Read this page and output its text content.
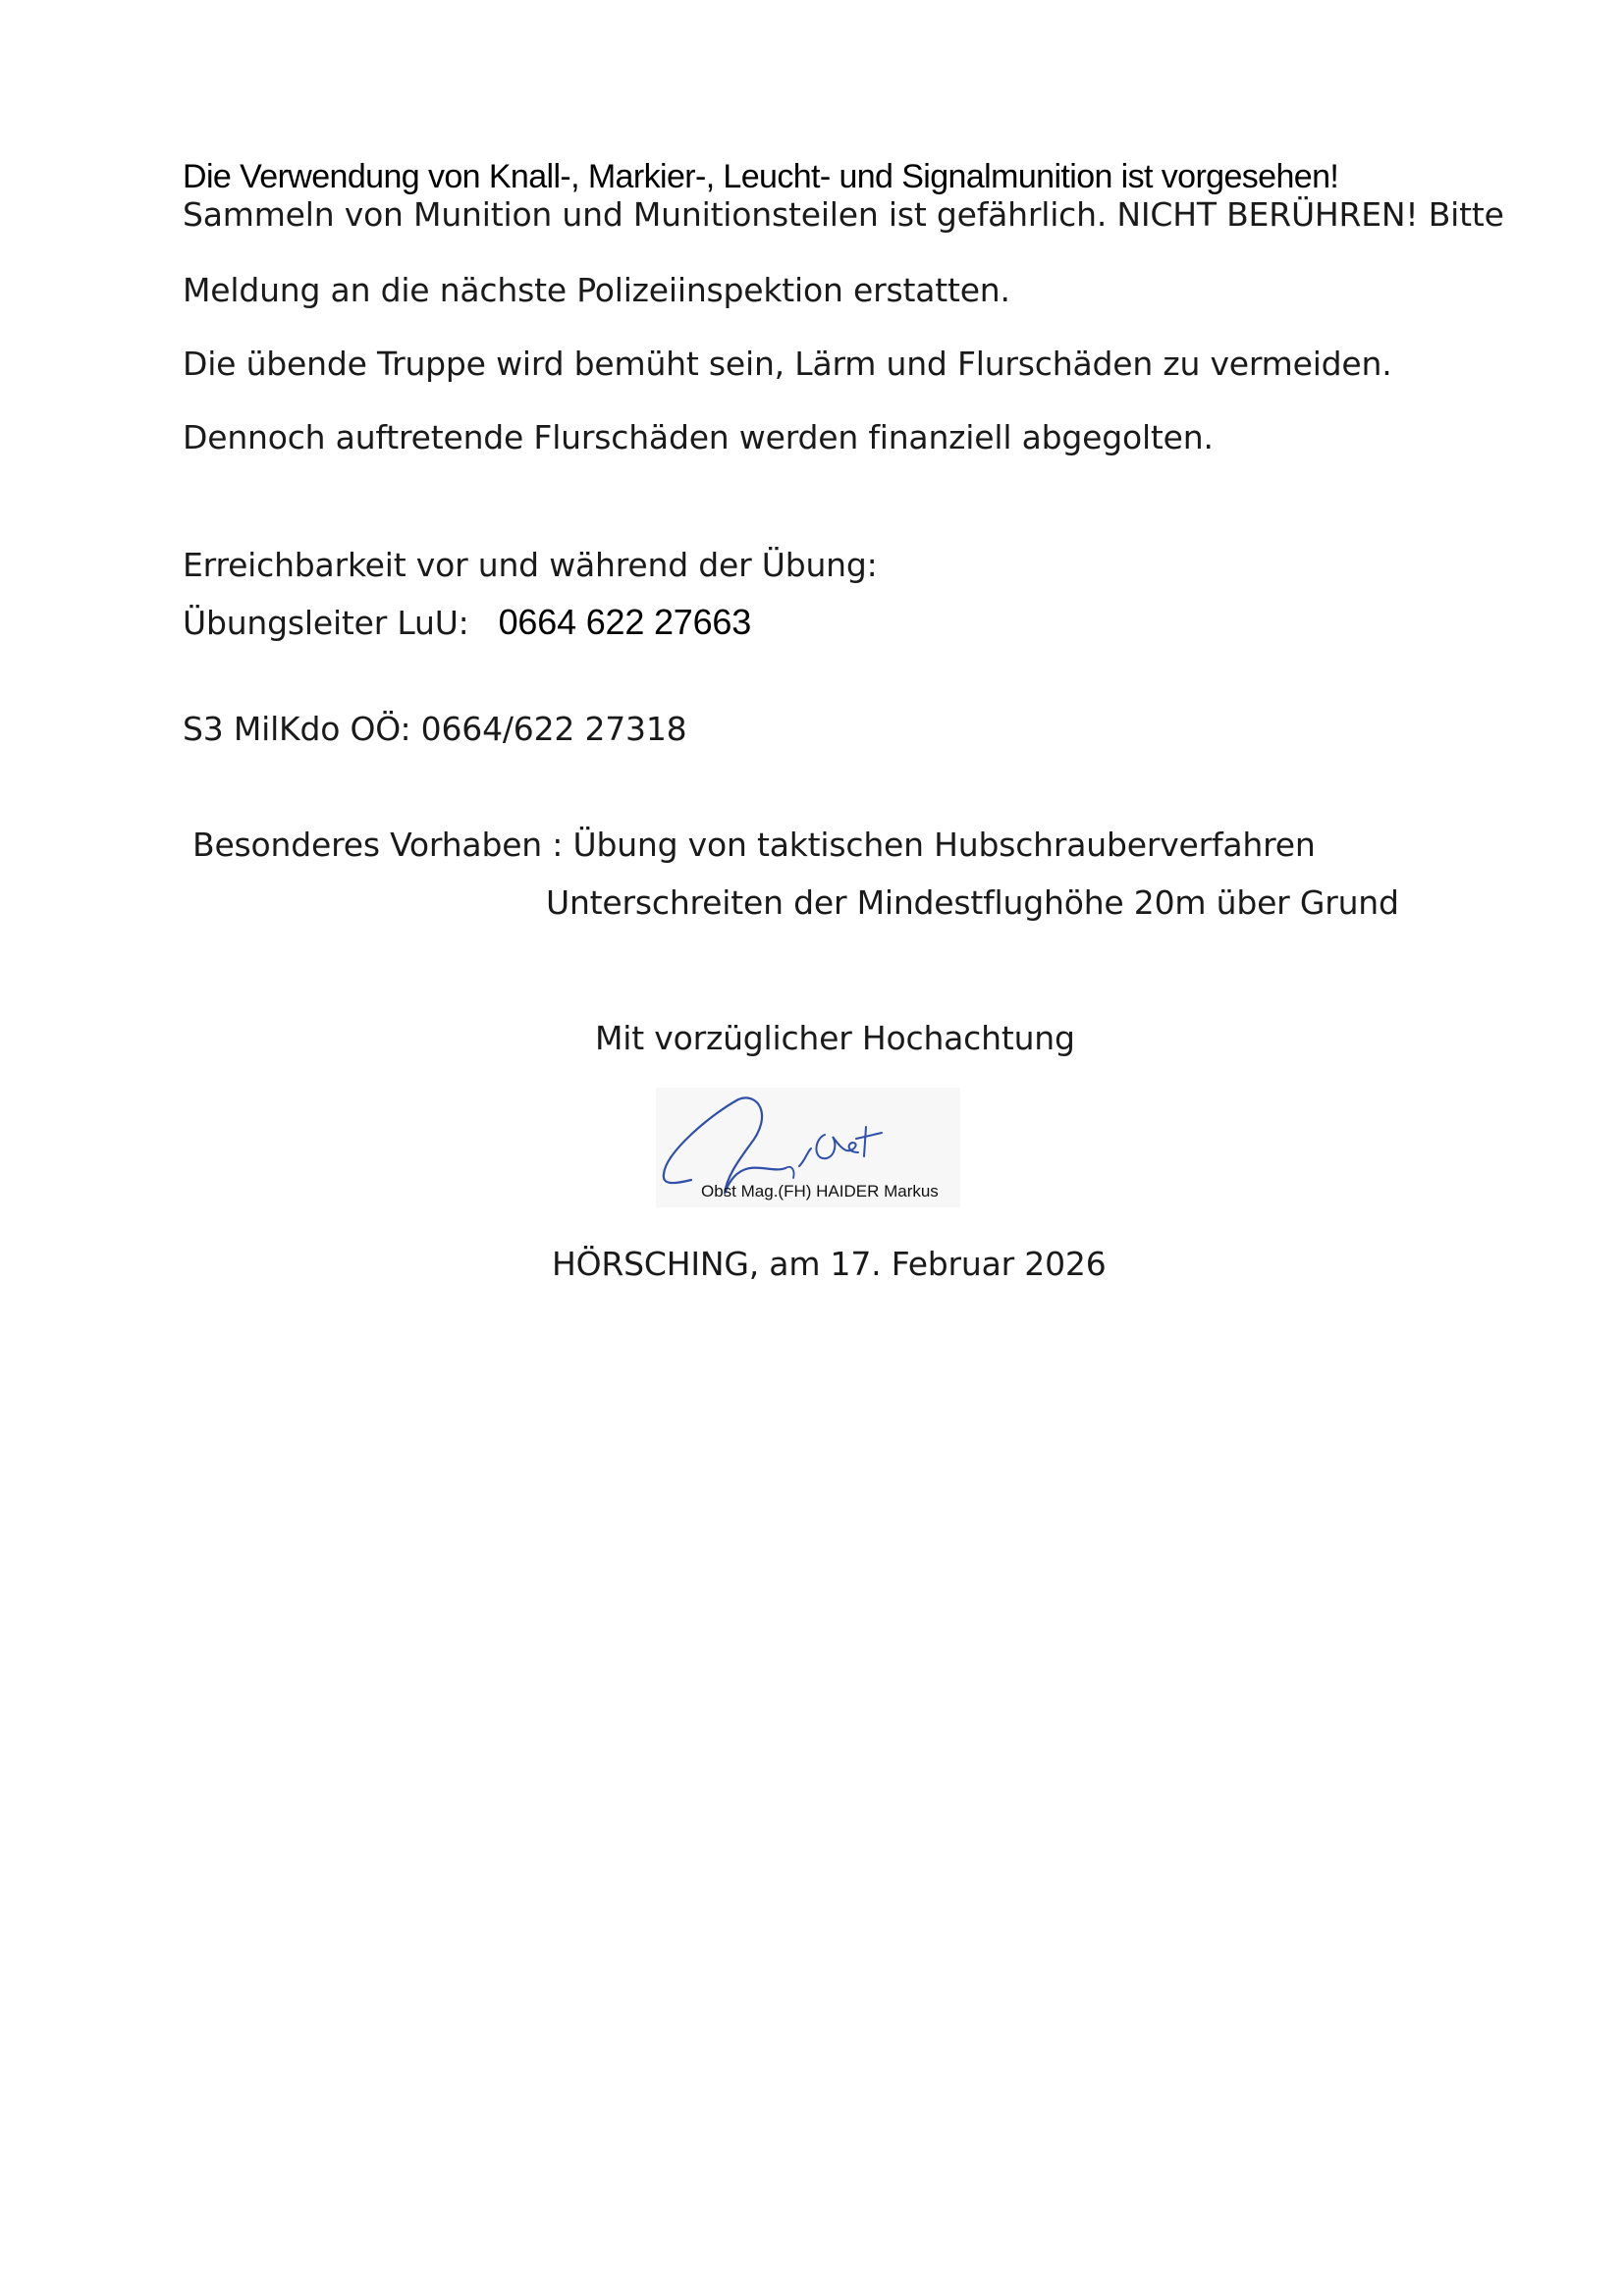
Die Verwendung von Knall-, Markier-, Leucht- und Signalmunition ist vorgesehen!
Sammeln von Munition und Munitionsteilen ist gefährlich. NICHT BERÜHREN! Bitte
Meldung an die nächste Polizeiinspektion erstatten.
Die übende Truppe wird bemüht sein, Lärm und Flurschäden zu vermeiden.
Dennoch auftretende Flurschäden werden finanziell abgegolten.
Erreichbarkeit vor und während der Übung:
Übungsleiter LuU: 0664 622 27663
S3 MilKdo OÖ: 0664/622 27318
Besonderes Vorhaben : Übung von taktischen Hubschrauberverfahren
Unterschreiten der Mindestflughöhe 20m über Grund
Mit vorzüglicher Hochachtung
Obst Mag.(FH) HAIDER Markus
HÖRSCHING, am 17. Februar 2026
